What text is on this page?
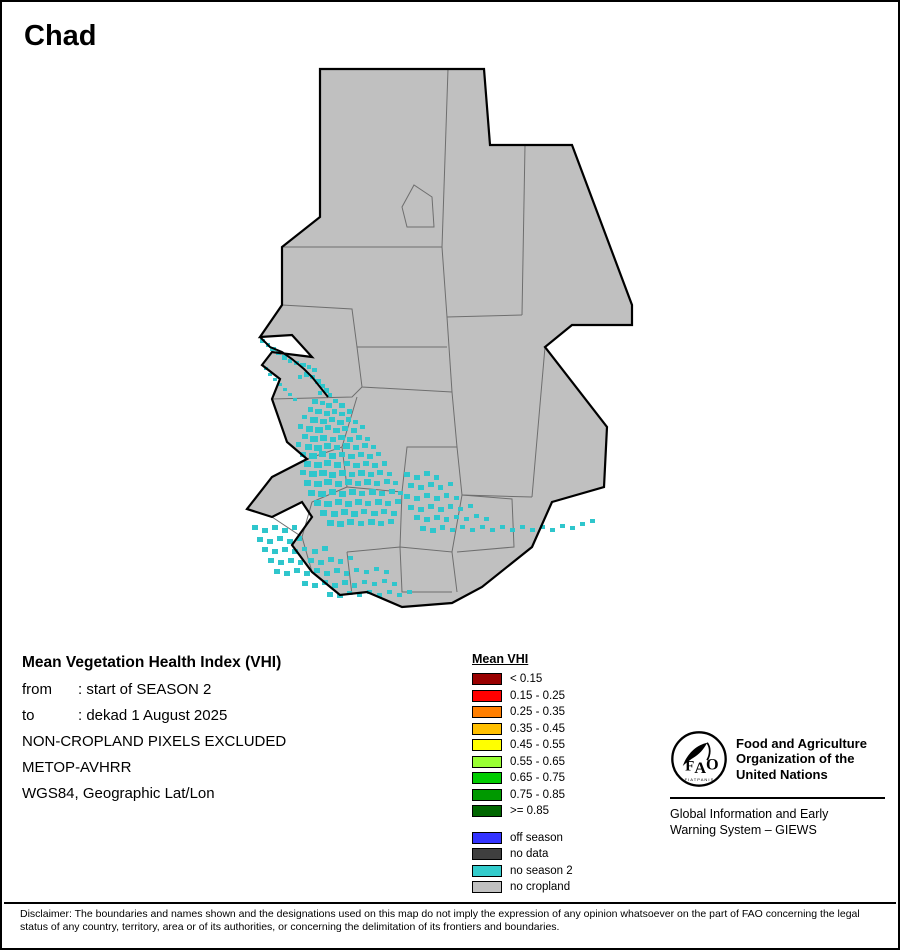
Chad
Mean Vegetation Health Index (VHI)
from : start of SEASON 2
to	: dekad 1 August 2025
NON-CROPLAND PIXELS EXCLUDED
METOP-AVHRR
WGS84, Geographic Lat/Lon
Mean VHI
< 0.15
0.15 - 0.25
0.25 - 0.35
0.35 - 0.45
0.45 - 0.55
0.55 - 0.65
0.65 - 0.75
0.75 - 0.85
>= 0.85
off season
no data
no season 2
no cropland
F A O
F I A T P A N I S
Food and Agriculture
Organization of the
United Nations
Global Information and Early
Warning System – GIEWS
Disclaimer: The boundaries and names shown and the designations used on this map do not imply the expression of any opinion whatsoever on the part of FAO concerning the legal status of any country, territory, area or of its authorities, or concerning the delimitation of its frontiers and boundaries.
